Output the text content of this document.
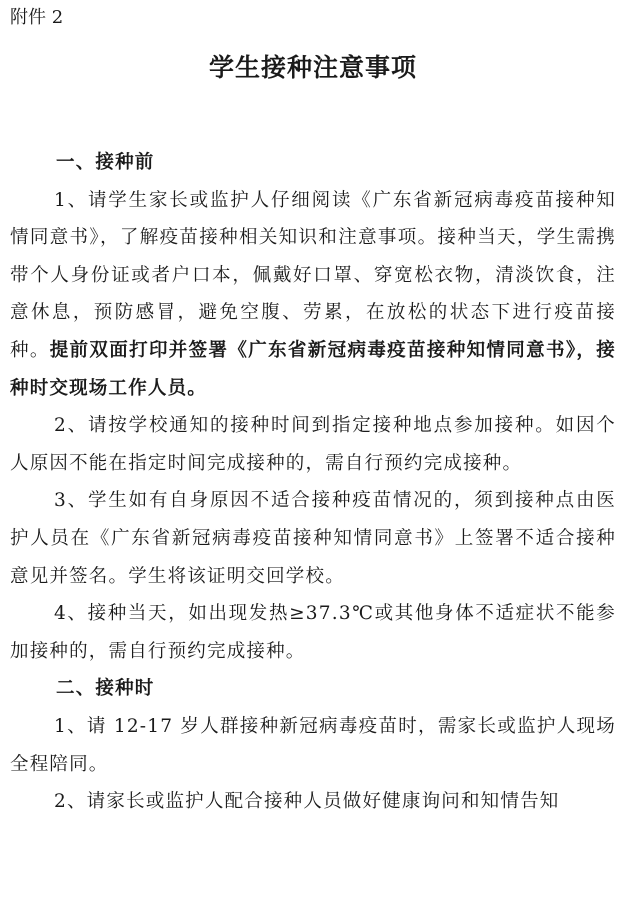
附件 2
学生接种注意事项

一、接种前

1、请学生家长或监护人仔细阅读《广东省新冠病毒疫苗接种知情同意书》，了解疫苗接种相关知识和注意事项。接种当天，学生需携带个人身份证或者户口本，佩戴好口罩、穿宽松衣物，清淡饮食，注意休息，预防感冒，避免空腹、劳累，在放松的状态下进行疫苗接种。提前双面打印并签署《广东省新冠病毒疫苗接种知情同意书》，接种时交现场工作人员。

2、请按学校通知的接种时间到指定接种地点参加接种。如因个人原因不能在指定时间完成接种的，需自行预约完成接种。

3、学生如有自身原因不适合接种疫苗情况的，须到接种点由医护人员在《广东省新冠病毒疫苗接种知情同意书》上签署不适合接种意见并签名。学生将该证明交回学校。

4、接种当天，如出现发热≥37.3℃或其他身体不适症状不能参加接种的，需自行预约完成接种。

二、接种时

1、请 12-17 岁人群接种新冠病毒疫苗时，需家长或监护人现场全程陪同。

2、请家长或监护人配合接种人员做好健康询问和知情告知
